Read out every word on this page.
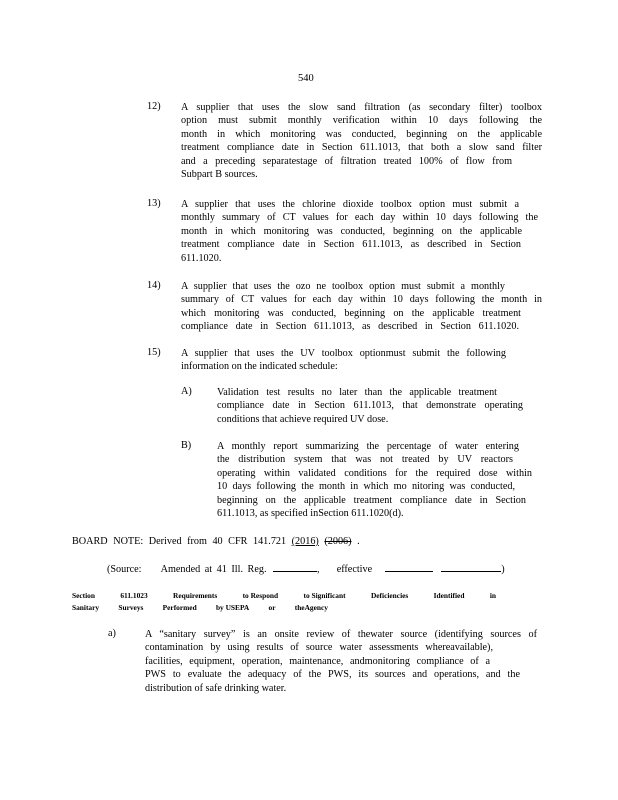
540
12) A supplier that uses the slow sand filtration (as secondary filter) toolbox
option must submit monthly verification within 10 days following the
month in which monitoring was conducted, beginning on the applicable
treatment compliance date in Section 611.1013, that both a slow sand filter
and a preceding separatestage of filtration treated 100% of flow from
Subpart B sources.
13) A supplier that uses the chlorine dioxide toolbox option must submit a
monthly summary of CT values for each day within 10 days following the
month in which monitoring was conducted, beginning on the applicable
treatment compliance date in Section 611.1013, as described in Section
611.1020.
14) A supplier that uses the ozo ne toolbox option must submit a monthly
summary of CT values for each day within 10 days following the month in
which monitoring was conducted, beginning on the applicable treatment
compliance date in Section 611.1013, as described in Section 611.1020.
15) A supplier that uses the UV toolbox optionmust submit the following
information on the indicated schedule:
A) Validation test results no later than the applicable treatment
compliance date in Section 611.1013, that demonstrate operating
conditions that achieve required UV dose.
B)	A monthly report summarizing the percentage of water entering
the distribution system that was not treated by UV reactors
operating within validated conditions for the required dose within
10 days following the month in which mo nitoring was conducted,
beginning on the applicable treatment compliance date in Section
611.1013, as specified inSection 611.1020(d).
BOARD NOTE: Derived from 40 CFR 141.721 (2016) (2006) .
(Source: Amended at 41 Ill. Reg.	, effective	)
Section	611.1023	Requirements	to Respond	to Significant	Deficiencies	Identified	in
Sanitary	Surveys	Performed	by USEPA	or	theAgency
a)	A “sanitary survey” is an onsite review of thewater source (identifying sources of
contamination by using results of source water assessments whereavailable),
facilities, equipment, operation, maintenance, andmonitoring compliance of a
PWS to evaluate the adequacy of the PWS, its sources and operations, and the
distribution of safe drinking water.
